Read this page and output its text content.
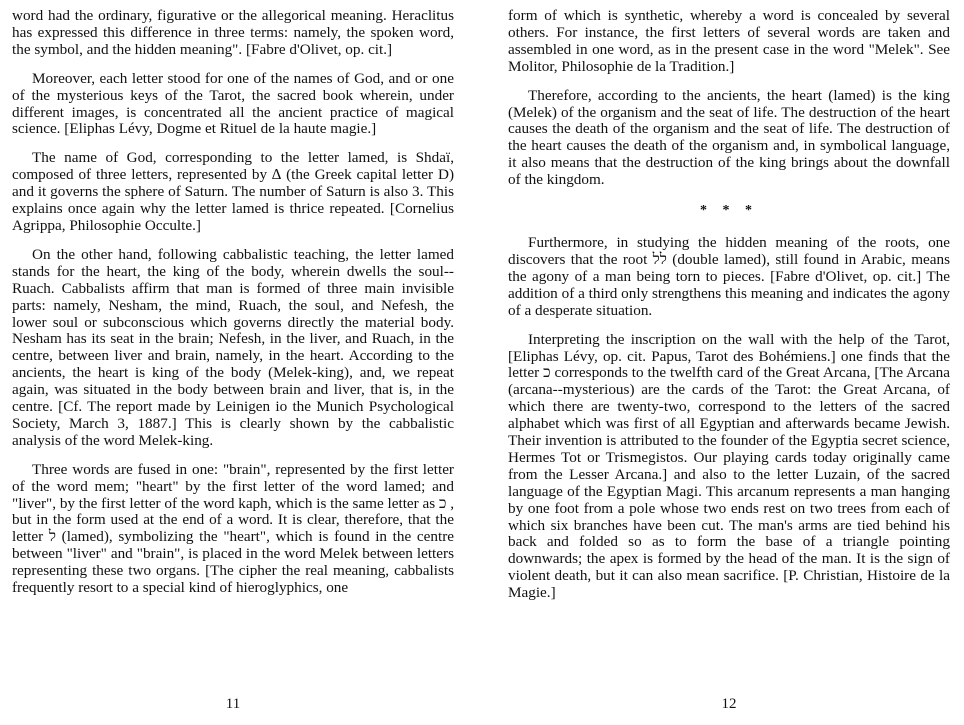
word had the ordinary, figurative or the allegorical meaning. Heraclitus has expressed this difference in three terms: namely, the spoken word, the symbol, and the hidden meaning". [Fabre d'Olivet, op. cit.]

Moreover, each letter stood for one of the names of God, and or one of the mysterious keys of the Tarot, the sacred book wherein, under different images, is concentrated all the ancient practice of magical science. [Eliphas Lévy, Dogme et Rituel de la haute magie.]

The name of God, corresponding to the letter lamed, is Shdaï, composed of three letters, represented by ∆ (the Greek capital letter D) and it governs the sphere of Saturn. The number of Saturn is also 3. This explains once again why the letter lamed is thrice repeated. [Cornelius Agrippa, Philosophie Occulte.]

On the other hand, following cabbalistic teaching, the letter lamed stands for the heart, the king of the body, wherein dwells the soul--Ruach. Cabbalists affirm that man is formed of three main invisible parts: namely, Nesham, the mind, Ruach, the soul, and Nefesh, the lower soul or subconscious which governs directly the material body. Nesham has its seat in the brain; Nefesh, in the liver, and Ruach, in the centre, between liver and brain, namely, in the heart. According to the ancients, the heart is king of the body (Melek-king), and, we repeat again, was situated in the body between brain and liver, that is, in the centre. [Cf. The report made by Leinigen io the Munich Psychological Society, March 3, 1887.] This is clearly shown by the cabbalistic analysis of the word Melek-king.

Three words are fused in one: "brain", represented by the first letter of the word mem; "heart" by the first letter of the word lamed; and "liver", by the first letter of the word kaph, which is the same letter as כ , but in the form used at the end of a word. It is clear, therefore, that the letter ל (lamed), symbolizing the "heart", which is found in the centre between "liver" and "brain", is placed in the word Melek between letters representing these two organs. [The cipher the real meaning, cabbalists frequently resort to a special kind of hieroglyphics, one

form of which is synthetic, whereby a word is concealed by several others. For instance, the first letters of several words are taken and assembled in one word, as in the present case in the word "Melek". See Molitor, Philosophie de la Tradition.]

Therefore, according to the ancients, the heart (lamed) is the king (Melek) of the organism and the seat of life. The destruction of the heart causes the death of the organism and the seat of life. The destruction of the heart causes the death of the organism and, in symbolical language, it also means that the destruction of the king brings about the downfall of the kingdom.

* * *

Furthermore, in studying the hidden meaning of the roots, one discovers that the root לל (double lamed), still found in Arabic, means the agony of a man being torn to pieces. [Fabre d'Olivet, op. cit.] The addition of a third only strengthens this meaning and indicates the agony of a desperate situation.

Interpreting the inscription on the wall with the help of the Tarot, [Eliphas Lévy, op. cit. Papus, Tarot des Bohémiens.] one finds that the letter כ corresponds to the twelfth card of the Great Arcana, [The Arcana (arcana--mysterious) are the cards of the Tarot: the Great Arcana, of which there are twenty-two, correspond to the letters of the sacred alphabet which was first of all Egyptian and afterwards became Jewish. Their invention is attributed to the founder of the Egyptia secret science, Hermes Tot or Trismegistos. Our playing cards today originally came from the Lesser Arcana.] and also to the letter Luzain, of the sacred language of the Egyptian Magi. This arcanum represents a man hanging by one foot from a pole whose two ends rest on two trees from each of which six branches have been cut. The man's arms are tied behind his back and folded so as to form the base of a triangle pointing downwards; the apex is formed by the head of the man. It is the sign of violent death, but it can also mean sacrifice. [P. Christian, Histoire de la Magie.]

11	12
